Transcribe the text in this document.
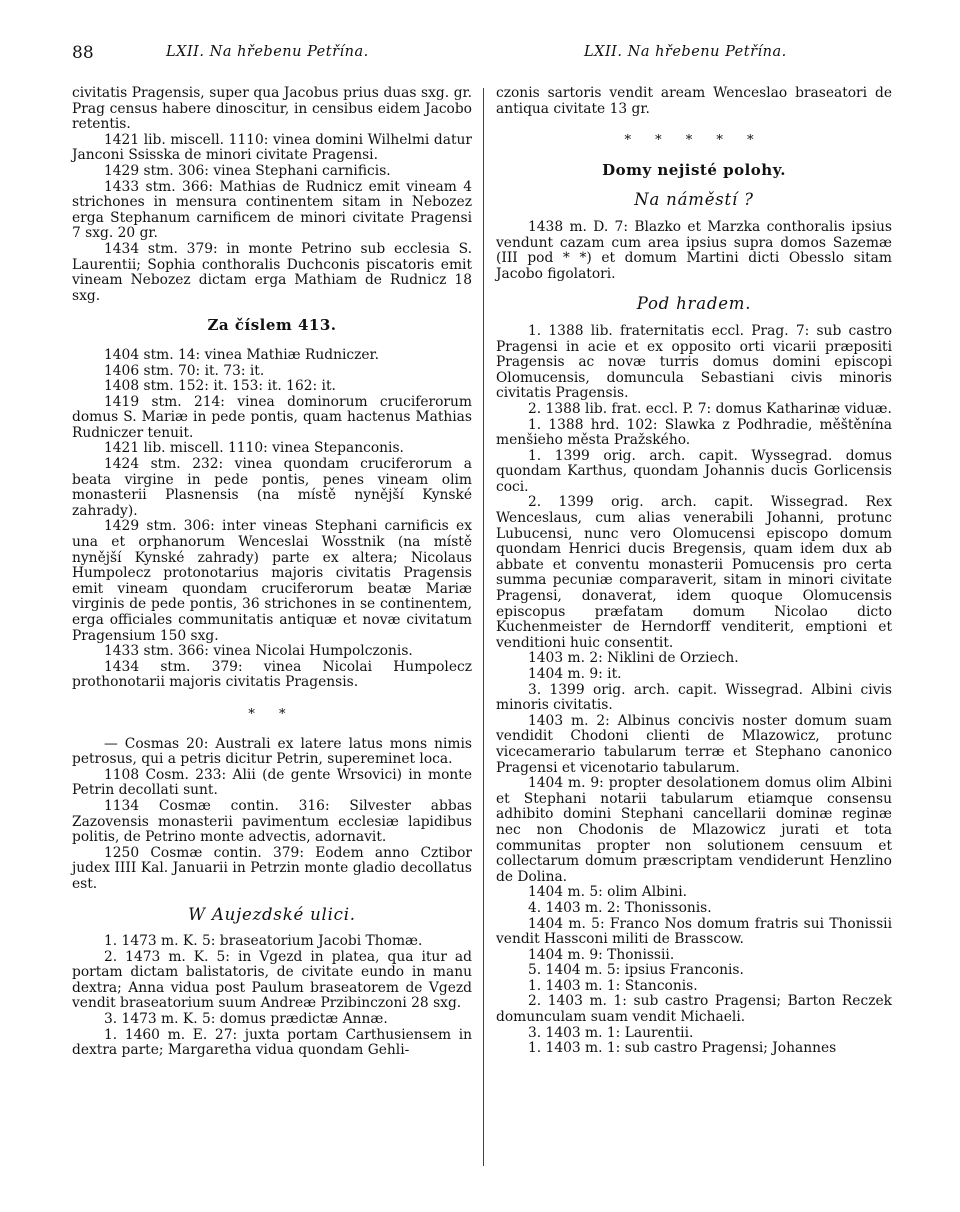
88	LXII. Na hřebenu Petřína.	LXII. Na hřebenu Petřína.
civitatis Pragensis, super qua Jacobus prius duas sxg. gr. Prag census habere dinoscitur, in censibus eidem Jacobo retentis.
1421 lib. miscell. 1110: vinea domini Wilhelmi datur Janconi Ssisska de minori civitate Pragensi.
1429 stm. 306: vinea Stephani carnificis.
1433 stm. 366: Mathias de Rudnicz emit vineam 4 strichones in mensura continentem sitam in Nebozez erga Stephanum carnificem de minori civitate Pragensi 7 sxg. 20 gr.
1434 stm. 379: in monte Petrino sub ecclesia S. Laurentii; Sophia conthoralis Duchconis piscatoris emit vineam Nebozez dictam erga Mathiam de Rudnicz 18 sxg.
Za číslem 413.
1404 stm. 14: vinea Mathiæ Rudniczer.
1406 stm. 70: it. 73: it.
1408 stm. 152: it. 153: it. 162: it.
1419 stm. 214: vinea dominorum cruciferorum domus S. Mariæ in pede pontis, quam hactenus Mathias Rudniczer tenuit.
1421 lib. miscell. 1110: vinea Stepanconis.
1424 stm. 232: vinea quondam cruciferorum a beata virgine in pede pontis, penes vineam olim monasterii Plasnensis (na místě nynější Kynské zahrady).
1429 stm. 306: inter vineas Stephani carnificis ex una et orphanorum Wenceslai Wosstnik (na místě nynější Kynské zahrady) parte ex altera; Nicolaus Humpolecz protonotarius majoris civitatis Pragensis emit vineam quondam cruciferorum beatæ Mariæ virginis de pede pontis, 36 strichones in se continentem, erga officiales communitatis antiquæ et novæ civitatum Pragensium 150 sxg.
1433 stm. 366: vinea Nicolai Humpolczonis.
1434 stm. 379: vinea Nicolai Humpolecz prothonotarii majoris civitatis Pragensis.
* *
— Cosmas 20: Australi ex latere latus mons nimis petrosus, qui a petris dicitur Petrin, supereminet loca.
1108 Cosm. 233: Alii (de gente Wrsovici) in monte Petrin decollati sunt.
1134 Cosmæ contin. 316: Silvester abbas Zazovensis monasterii pavimentum ecclesiæ lapidibus politis, de Petrino monte advectis, adornavit.
1250 Cosmæ contin. 379: Eodem anno Cztibor judex IIII Kal. Januarii in Petrzin monte gladio decollatus est.
W Aujezdské ulici.
1. 1473 m. K. 5: braseatorium Jacobi Thomæ.
2. 1473 m. K. 5: in Vgezd in platea, qua itur ad portam dictam balistatoris, de civitate eundo in manu dextra; Anna vidua post Paulum braseatorem de Vgezd vendit braseatorium suum Andreæ Przibinczoni 28 sxg.
3. 1473 m. K. 5: domus prædictæ Annæ.
1. 1460 m. E. 27: juxta portam Carthusiensem in dextra parte; Margaretha vidua quondam Gehli-
czonis sartoris vendit aream Wenceslao braseatori de antiqua civitate 13 gr.
* * * * *
Domy nejisté polohy.
Na náměstí ?
1438 m. D. 7: Blazko et Marzka conthoralis ipsius vendunt cazam cum area ipsius supra domos Sazemæ (III pod * *) et domum Martini dicti Obesslo sitam Jacobo figolatori.
Pod hradem.
1. 1388 lib. fraternitatis eccl. Prag. 7: sub castro Pragensi in acie et ex opposito orti vicarii præpositi Pragensis ac novæ turris domus domini episcopi Olomucensis, domuncula Sebastiani civis minoris civitatis Pragensis.
2. 1388 lib. frat. eccl. P. 7: domus Katharinæ viduæ.
1. 1388 hrd. 102: Slawka z Podhradie, měštěnína menšieho města Pražského.
1. 1399 orig. arch. capit. Wyssegrad. domus quondam Karthus, quondam Johannis ducis Gorlicensis coci.
2. 1399 orig. arch. capit. Wissegrad. Rex Wenceslaus, cum alias venerabili Johanni, protunc Lubucensi, nunc vero Olomucensi episcopo domum quondam Henrici ducis Bregensis, quam idem dux ab abbate et conventu monasterii Pomucensis pro certa summa pecuniæ comparaverit, sitam in minori civitate Pragensi, donaverat, idem quoque Olomucensis episcopus præfatam domum Nicolao dicto Kuchenmeister de Herndorff venditerit, emptioni et venditioni huic consentit.
1403 m. 2: Niklini de Orziech.
1404 m. 9: it.
3. 1399 orig. arch. capit. Wissegrad. Albini civis minoris civitatis.
1403 m. 2: Albinus concivis noster domum suam vendidit Chodoni clienti de Mlazowicz, protunc vicecamerario tabularum terræ et Stephano canonico Pragensi et vicenotario tabularum.
1404 m. 9: propter desolationem domus olim Albini et Stephani notarii tabularum etiamque consensu adhibito domini Stephani cancellarii dominæ reginæ nec non Chodonis de Mlazowicz jurati et tota communitas propter non solutionem censuum et collectarum domum præscriptam vendiderunt Henzlino de Dolina.
1404 m. 5: olim Albini.
4. 1403 m. 2: Thonissonis.
1404 m. 5: Franco Nos domum fratris sui Thonissii vendit Hassconi militi de Brasscow.
1404 m. 9: Thonissii.
5. 1404 m. 5: ipsius Franconis.
1. 1403 m. 1: Stanconis.
2. 1403 m. 1: sub castro Pragensi; Barton Reczek domunculam suam vendit Michaeli.
3. 1403 m. 1: Laurentii.
1. 1403 m. 1: sub castro Pragensi; Johannes
